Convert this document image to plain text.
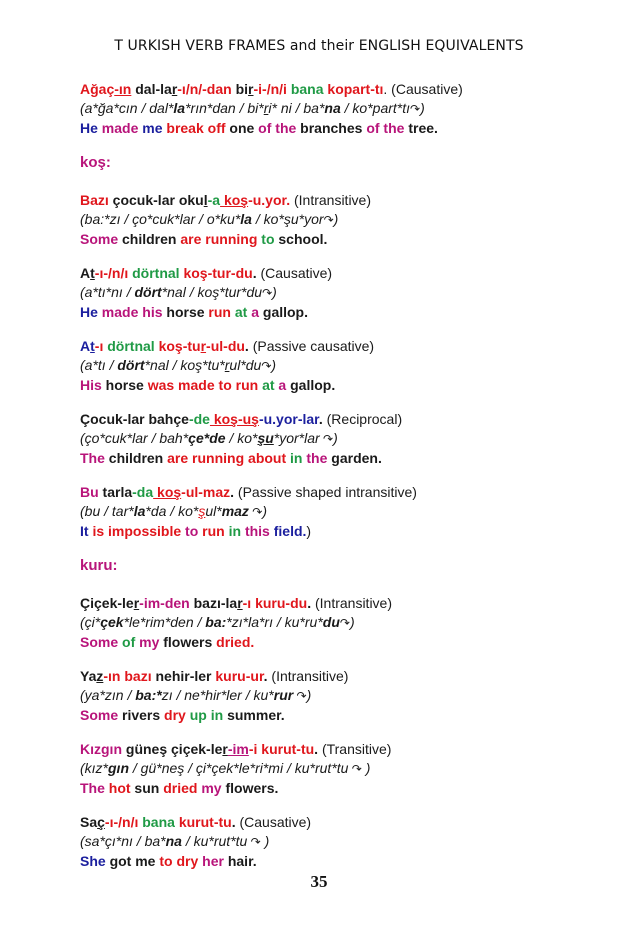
T URKISH VERB FRAMES and their ENGLISH EQUIVALENTS
Ağaç-ın dal-lar-ı/n/-dan bir-i-/n/i bana kopart-tı. (Causative)
(a*ğa*cın / dal*la*rın*dan / bi*ri* ni / ba*na / ko*part*tı↷)
He made me break off one of the branches of the tree.
koş:
Bazı çocuk-lar okul-a koş-u.yor. (Intransitive)
(ba:*zı / ço*cuk*lar / o*ku*la / ko*şu*yor↷)
Some children are running to school.
At-ı-/n/ı dörtnal koş-tur-du. (Causative)
(a*tı*nı / dört*nal / koş*tur*du↷)
He made his horse run at a gallop.
At-ı dörtnal koş-tur-ul-du. (Passive causative)
(a*tı / dört*nal / koş*tu*rul*du↷)
His horse was made to run at a gallop.
Çocuk-lar bahçe-de koş-uş-u.yor-lar. (Reciprocal)
(ço*cuk*lar / bah*çe*de / ko*şu*yor*lar ↷)
The children are running about in the garden.
Bu tarla-da koş-ul-maz. (Passive shaped intransitive)
(bu / tar*la*da / ko*şul*maz ↷)
It is impossible to run in this field.)
kuru:
Çiçek-ler-im-den bazı-lar-ı kuru-du. (Intransitive)
(çi*çek*le*rim*den / ba:*zı*la*rı / ku*ru*du↷)
Some of my flowers dried.
Yaz-ın bazı nehir-ler kuru-ur. (Intransitive)
(ya*zın / ba:*zı / ne*hir*ler / ku*rur ↷)
Some rivers dry up in summer.
Kızgın güneş çiçek-ler-im-i kurut-tu. (Transitive)
(kız*gın / gü*neş / çi*çek*le*ri*mi / ku*rut*tu ↷ )
The hot sun dried my flowers.
Saç-ı-/n/ı bana kurut-tu. (Causative)
(sa*çı*nı / ba*na / ku*rut*tu ↷ )
She got me to dry her hair.
35
